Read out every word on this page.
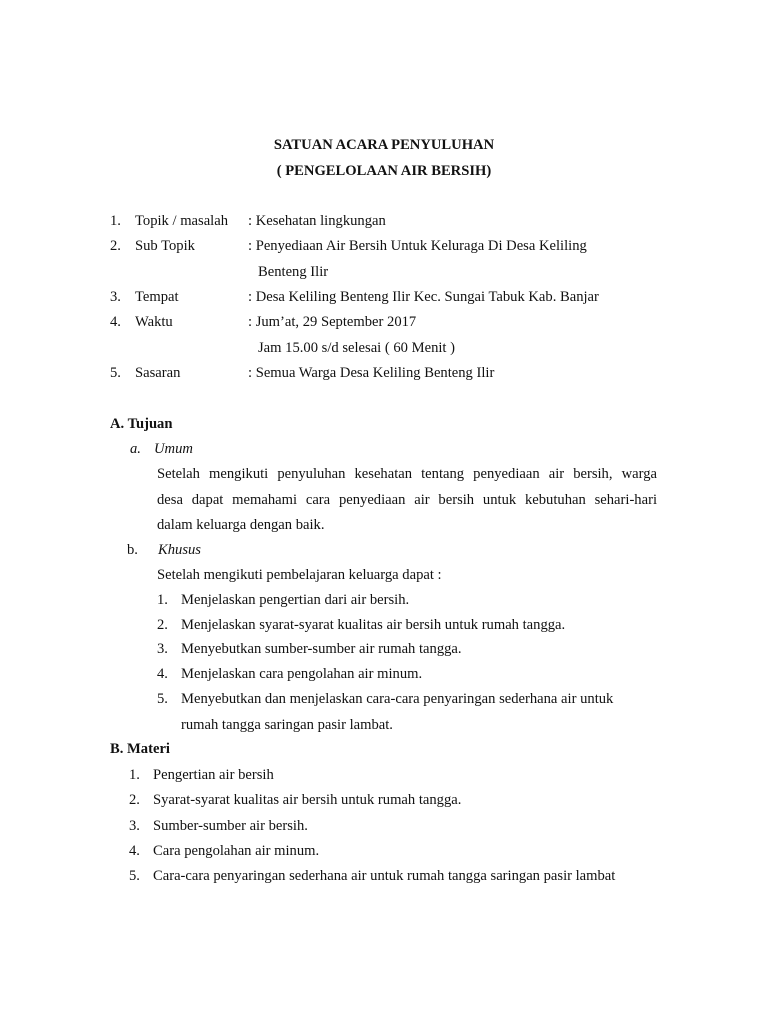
SATUAN ACARA PENYULUHAN
( PENGELOLAAN AIR BERSIH)
1. Topik / masalah : Kesehatan lingkungan
2. Sub Topik	: Penyediaan Air Bersih Untuk Keluraga Di Desa Keliling
Benteng Ilir
3. Tempat	: Desa Keliling Benteng Ilir Kec. Sungai Tabuk Kab. Banjar
4. Waktu	: Jum’at, 29 September 2017
Jam 15.00 s/d selesai ( 60 Menit )
5. Sasaran	: Semua Warga Desa Keliling Benteng Ilir
A. Tujuan
a. Umum
Setelah mengikuti penyuluhan kesehatan tentang penyediaan air bersih, warga
desa dapat memahami cara penyediaan air bersih untuk kebutuhan sehari-hari
dalam keluarga dengan baik.
b. Khusus
Setelah mengikuti pembelajaran keluarga dapat :
1. Menjelaskan pengertian dari air bersih.
2. Menjelaskan syarat-syarat kualitas air bersih untuk rumah tangga.
3. Menyebutkan sumber-sumber air rumah tangga.
4. Menjelaskan cara pengolahan air minum.
5. Menyebutkan dan menjelaskan cara-cara penyaringan sederhana air untuk
rumah tangga saringan pasir lambat.
B. Materi
1. Pengertian air bersih
2. Syarat-syarat kualitas air bersih untuk rumah tangga.
3. Sumber-sumber air bersih.
4. Cara pengolahan air minum.
5. Cara-cara penyaringan sederhana air untuk rumah tangga saringan pasir lambat
